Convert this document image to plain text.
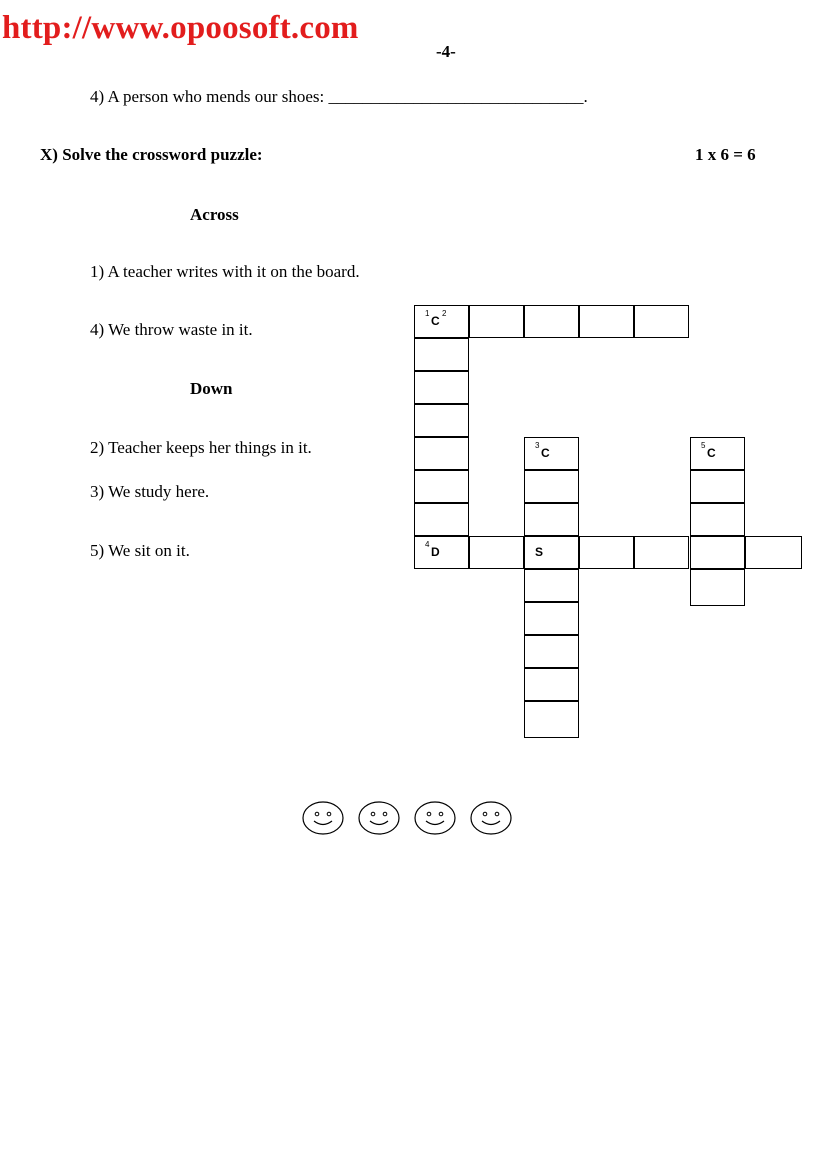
http://www.opoosoft.com
-4-
4) A person who mends our shoes: ______________________________.
X) Solve the crossword puzzle:	1 x 6 = 6
Across
1) A teacher writes with it on the board.
4) We throw waste in it.
Down
2) Teacher keeps her things in it.
3) We study here.
5) We sit on it.
1
C
2
3
C
5
C
4
D	S
